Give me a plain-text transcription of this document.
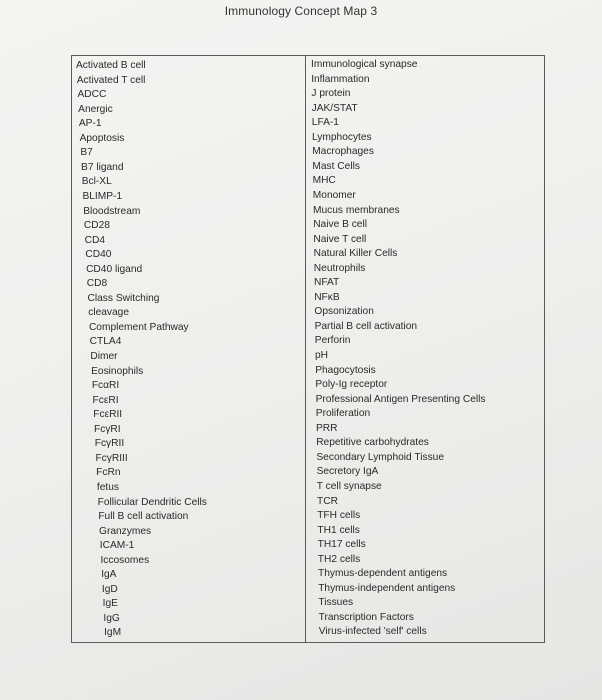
Immunology Concept Map 3
Activated B cell
Activated T cell
ADCC
Anergic
AP-1
Apoptosis
B7
B7 ligand
Bcl-XL
BLIMP-1
Bloodstream
CD28
CD4
CD40
CD40 ligand
CD8
Class Switching
cleavage
Complement Pathway
CTLA4
Dimer
Eosinophils
FcαRI
FcεRI
FcεRII
FcγRI
FcγRII
FcγRIII
FcRn
fetus
Follicular Dendritic Cells
Full B cell activation
Granzymes
ICAM-1
Iccosomes
IgA
IgD
IgE
IgG
IgM
Immunological synapse
Inflammation
J protein
JAK/STAT
LFA-1
Lymphocytes
Macrophages
Mast Cells
MHC
Monomer
Mucus membranes
Naive B cell
Naive T cell
Natural Killer Cells
Neutrophils
NFAT
NFκB
Opsonization
Partial B cell activation
Perforin
pH
Phagocytosis
Poly-Ig receptor
Professional Antigen Presenting Cells
Proliferation
PRR
Repetitive carbohydrates
Secondary Lymphoid Tissue
Secretory IgA
T cell synapse
TCR
TFH cells
TH1 cells
TH17 cells
TH2 cells
Thymus-dependent antigens
Thymus-independent antigens
Tissues
Transcription Factors
Virus-infected 'self' cells
